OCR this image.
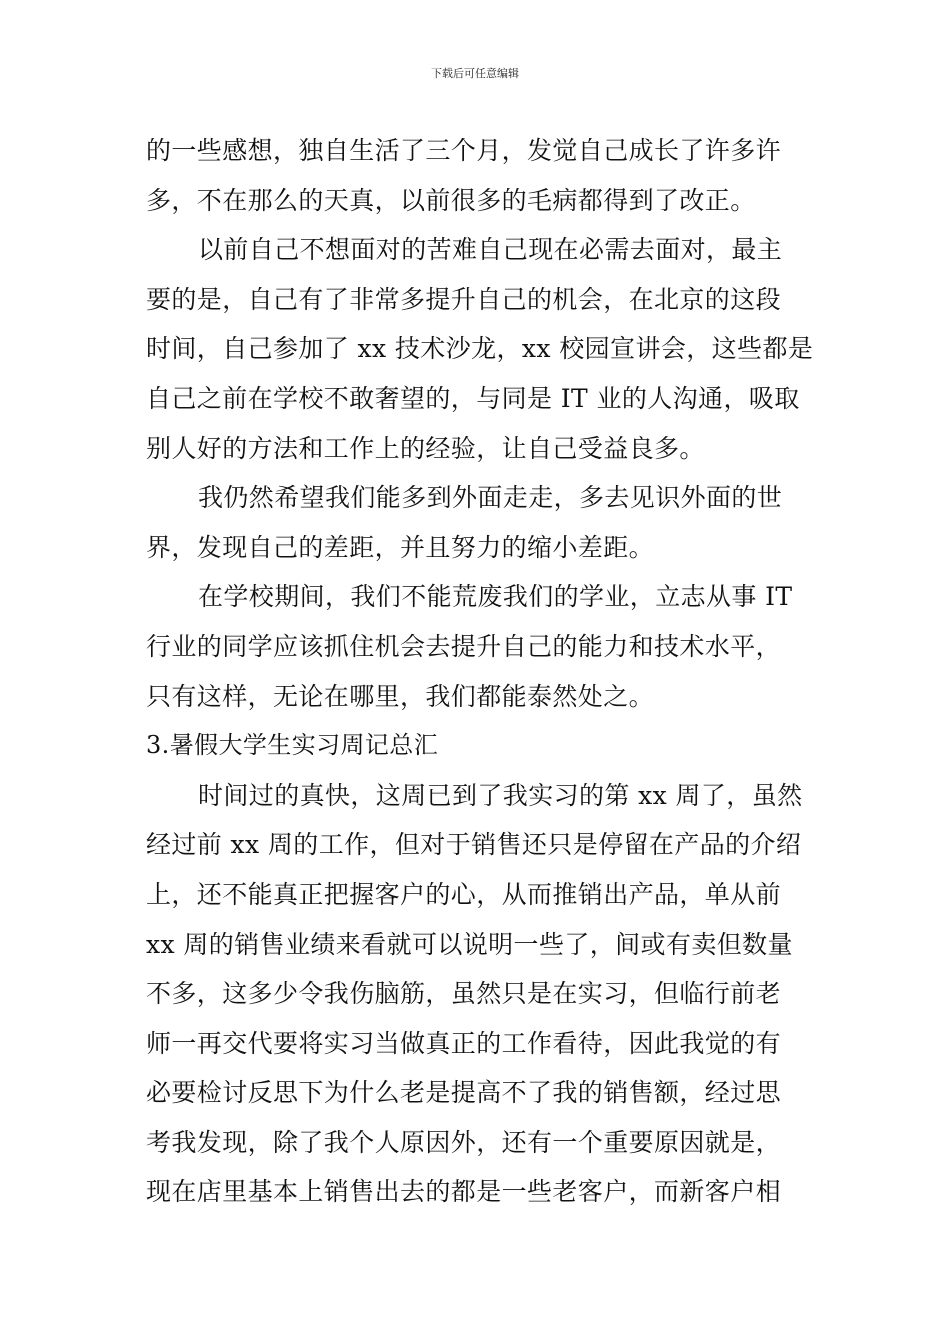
下载后可任意编辑
的一些感想，独自生活了三个月，发觉自己成长了许多许
多，不在那么的天真，以前很多的毛病都得到了改正。
以前自己不想面对的苦难自己现在必需去面对，最主
要的是，自己有了非常多提升自己的机会，在北京的这段
时间，自己参加了 xx 技术沙龙，xx 校园宣讲会，这些都是
自己之前在学校不敢奢望的，与同是 IT 业的人沟通，吸取
别人好的方法和工作上的经验，让自己受益良多。
我仍然希望我们能多到外面走走，多去见识外面的世
界，发现自己的差距，并且努力的缩小差距。
在学校期间，我们不能荒废我们的学业，立志从事 IT
行业的同学应该抓住机会去提升自己的能力和技术水平，
只有这样，无论在哪里，我们都能泰然处之。
3.暑假大学生实习周记总汇
时间过的真快，这周已到了我实习的第 xx 周了，虽然
经过前 xx 周的工作，但对于销售还只是停留在产品的介绍
上，还不能真正把握客户的心，从而推销出产品，单从前
xx 周的销售业绩来看就可以说明一些了，间或有卖但数量
不多，这多少令我伤脑筋，虽然只是在实习，但临行前老
师一再交代要将实习当做真正的工作看待，因此我觉的有
必要检讨反思下为什么老是提高不了我的销售额，经过思
考我发现，除了我个人原因外，还有一个重要原因就是，
现在店里基本上销售出去的都是一些老客户，而新客户相
